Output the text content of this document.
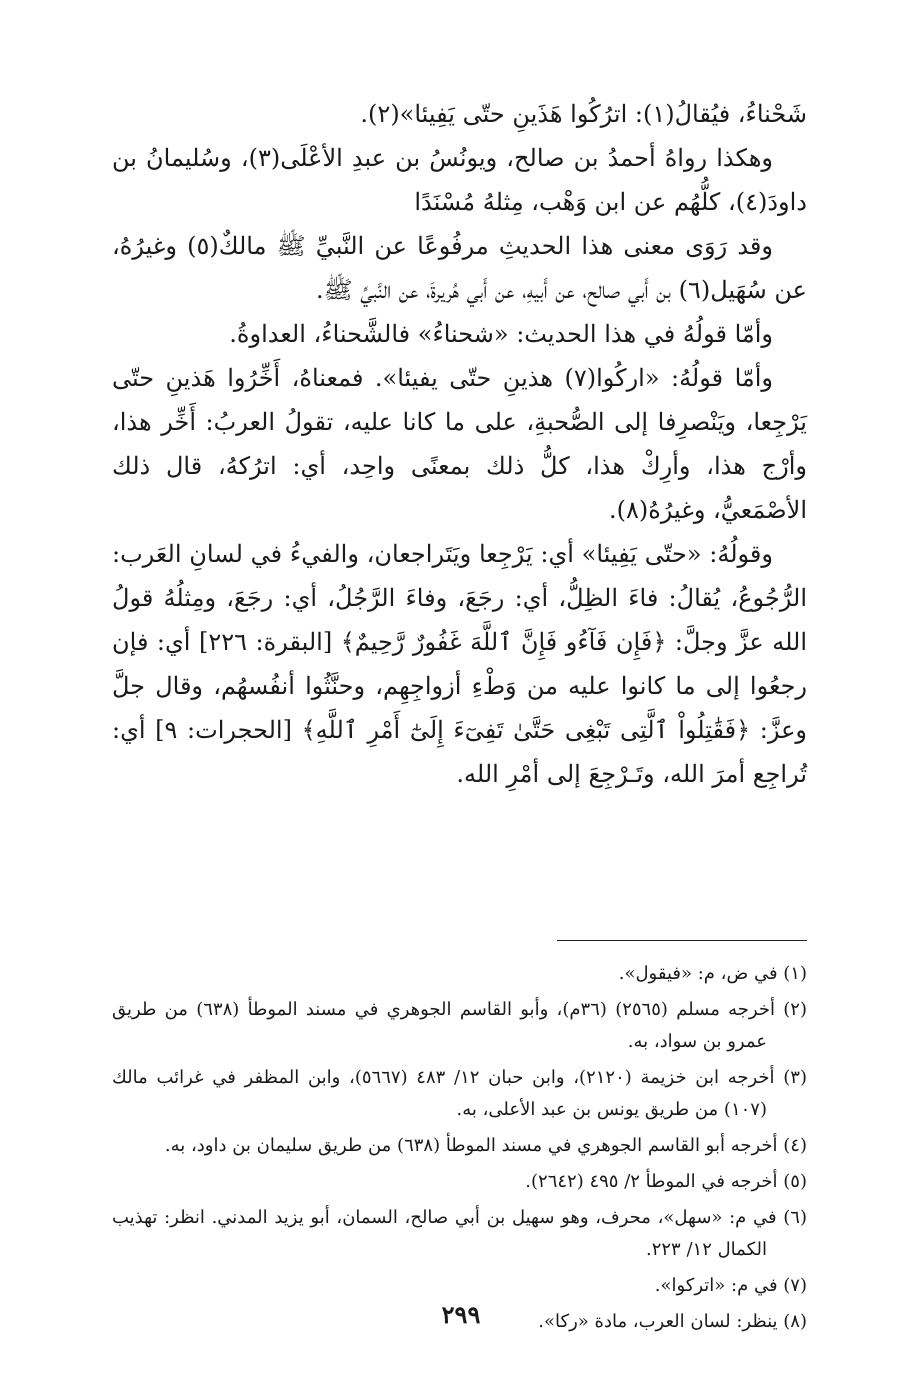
شَحْناءُ، فيُقالُ(١): اترُكُوا هَذَينِ حتّى يَفِيئا»(٢).

وهكذا رواهُ أحمدُ بن صالح، ويونُسُ بن عبدِ الأعْلَى(٣)، وسُليمانُ بن داودَ(٤)، كلُّهُم عن ابن وَهْب، مِثلهُ مُسْنَدًا

وقد رَوَى معنى هذا الحديثِ مرفُوعًا عن النَّبيِّ ﷺ مالكٌ(٥) وغيرُهُ، عن سُهَيل(٦) بن أَبي صالح، عن أَبيهِ، عن أَبي هُريرةَ، عن النَّبيِّ ﷺ.

وأمّا قولُهُ في هذا الحديث: «شحناءُ» فالشَّحناءُ، العداوةُ.

وأمّا قولُهُ: «اركُوا(٧) هذينِ حتّى يفيئا». فمعناهُ، أَخِّرُوا هَذينِ حتّى يَرْجِعا، ويَنْصرِفا إلى الصُّحبةِ، على ما كانا عليه، تقولُ العربُ: أَخِّر هذا، وأرْج هذا، وأرِكْ هذا، كلُّ ذلك بمعنًى واحِد، أي: اترُكهُ، قال ذلك الأصْمَعيُّ، وغيرُهُ(٨).

وقولُهُ: «حتّى يَفِيئا» أي: يَرْجِعا ويَتَراجعان، والفيءُ في لسانِ العَرب: الرُّجُوعُ، يُقالُ: فاءَ الظِلُّ، أي: رجَعَ، وفاءَ الرَّجُلُ، أي: رجَعَ، ومِثلُهُ قولُ الله عزَّ وجلَّ: ﴿فَإِن فَآءُو فَإِنَّ ٱللَّهَ غَفُورٌ رَّحِيمٌ﴾ [البقرة: ٢٢٦] أي: فإن رجعُوا إلى ما كانوا عليه من وَطْءِ أزواجِهِم، وحنَّثُوا أنفُسهُم، وقال جلَّ وعزَّ: ﴿فَقَٰتِلُواْ ٱلَّتِى تَبْغِى حَتَّىٰ تَفِىٓءَ إِلَىٰٓ أَمْرِ ٱللَّهِ﴾ [الحجرات: ٩] أي: تُراجِع أمرَ الله، وتَـرْجِعَ إلى أمْرِ الله.

(١) في ض، م: «فيقول».

(٢) أخرجه مسلم (٢٥٦٥) (٣٦م)، وأبو القاسم الجوهري في مسند الموطأ (٦٣٨) من طريق عمرو بن سواد، به.

(٣) أخرجه ابن خزيمة (٢١٢٠)، وابن حبان ١٢/ ٤٨٣ (٥٦٦٧)، وابن المظفر في غرائب مالك (١٠٧) من طريق يونس بن عبد الأعلى، به.

(٤) أخرجه أبو القاسم الجوهري في مسند الموطأ (٦٣٨) من طريق سليمان بن داود، به.

(٥) أخرجه في الموطأ ٢/ ٤٩٥ (٢٦٤٢).

(٦) في م: «سهل»، محرف، وهو سهيل بن أبي صالح، السمان، أبو يزيد المدني. انظر: تهذيب الكمال ١٢/ ٢٢٣.

(٧) في م: «اتركوا».

(٨) ينظر: لسان العرب، مادة «ركا».

٢٩٩
